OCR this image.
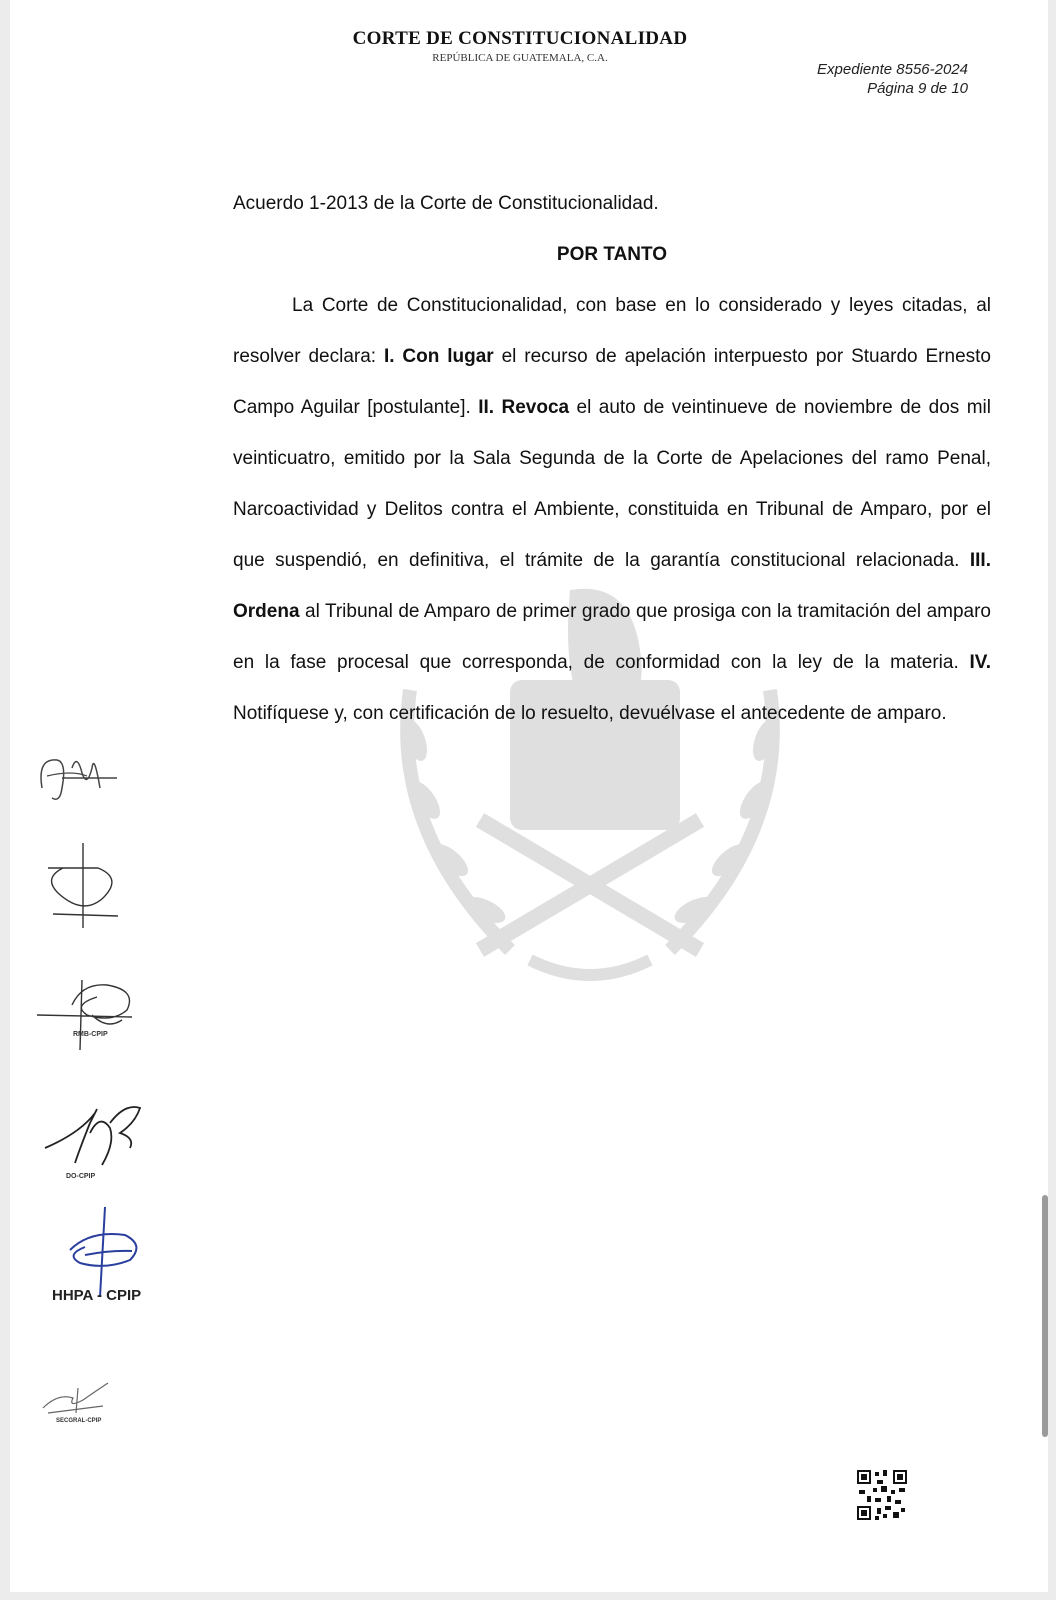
CORTE DE CONSTITUCIONALIDAD
REPÚBLICA DE GUATEMALA, C.A.
Expediente 8556-2024
Página 9 de 10
Acuerdo 1-2013 de la Corte de Constitucionalidad.
POR TANTO

La Corte de Constitucionalidad, con base en lo considerado y leyes citadas, al resolver declara: I. Con lugar el recurso de apelación interpuesto por Stuardo Ernesto Campo Aguilar [postulante]. II. Revoca el auto de veintinueve de noviembre de dos mil veinticuatro, emitido por la Sala Segunda de la Corte de Apelaciones del ramo Penal, Narcoactividad y Delitos contra el Ambiente, constituida en Tribunal de Amparo, por el que suspendió, en definitiva, el trámite de la garantía constitucional relacionada. III. Ordena al Tribunal de Amparo de primer grado que prosiga con la tramitación del amparo en la fase procesal que corresponda, de conformidad con la ley de la materia. IV. Notifíquese y, con certificación de lo resuelto, devuélvase el antecedente de amparo.

RMB-CPIP
DO-CPIP
HHPA - CPIP
SECGRAL-CPIP
